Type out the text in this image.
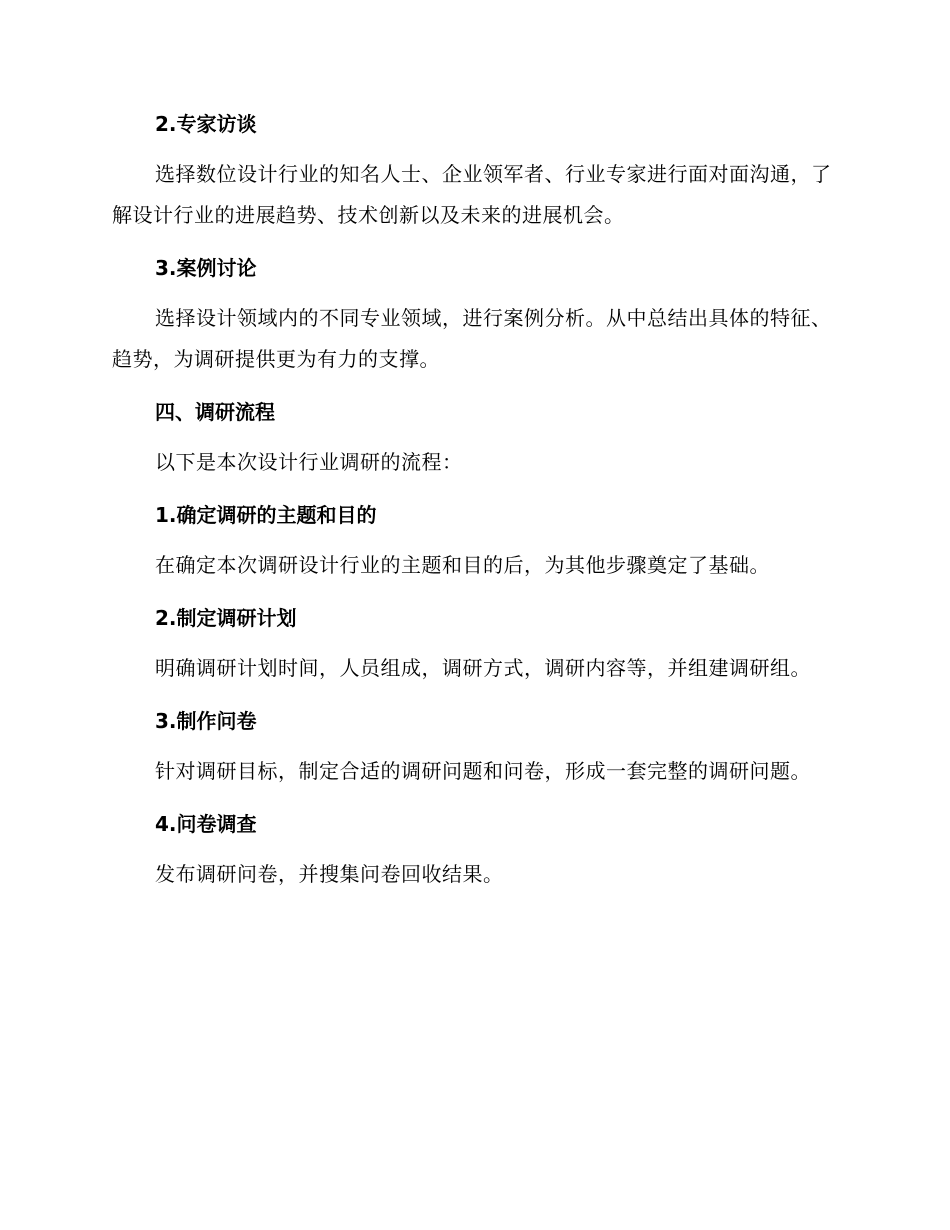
2.专家访谈

选择数位设计行业的知名人士、企业领军者、行业专家进行面对面沟通，了解设计行业的进展趋势、技术创新以及未来的进展机会。

3.案例讨论

选择设计领域内的不同专业领域，进行案例分析。从中总结出具体的特征、趋势，为调研提供更为有力的支撑。

四、调研流程

以下是本次设计行业调研的流程：

1.确定调研的主题和目的

在确定本次调研设计行业的主题和目的后，为其他步骤奠定了基础。

2.制定调研计划

明确调研计划时间，人员组成，调研方式，调研内容等，并组建调研组。

3.制作问卷

针对调研目标，制定合适的调研问题和问卷，形成一套完整的调研问题。

4.问卷调查

发布调研问卷，并搜集问卷回收结果。
